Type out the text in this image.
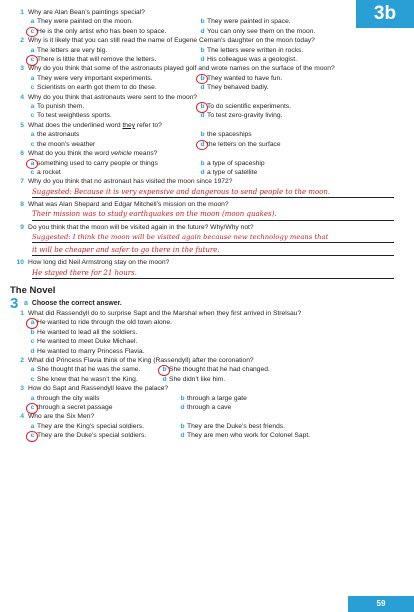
3b
1 Why are Alan Bean’s paintings special?
a They were painted on the moon.	b They were painted in space.
c He is the only artist who has been to space.	d You can only see them on the moon.
2 Why is it likely that you can still read the name of Eugene Cernan’s daughter on the moon today?
a The letters are very big.	b The letters were written in rocks.
c There is little that will remove the letters.	d His colleague was a geologist.
3 Why do you think that some of the astronauts played golf and wrote names on the surface of the moon?
a They were very important experiments.	b They wanted to have fun.
c Scientists on earth got them to do these.	d They behaved badly.
4 Why do you think that astronauts were sent to the moon?
a To punish them.	b To do scientific experiments.
c To test weightless sports.	d To test zero-gravity living.
5 What does the underlined word they refer to?
a the astronauts	b the spaceships
c the moon’s weather	d the letters on the surface
6 What do you think the word vehicle means?
a something used to carry people or things	b a type of spaceship
c a rocket	d a type of satellite
7 Why do you think that no astronaut has visited the moon since 1972?
Suggested: Because it is very expensive and dangerous to send people to the moon.
8 What was Alan Shepard and Edgar Mitchell’s mission on the moon?
Their mission was to study earthquakes on the moon (moon quakes).
9 Do you think that the moon will be visited again in the future? Why/Why not?
Suggested: I think the moon will be visited again because new technology means that
it will be cheaper and safer to go there in the future.
10 How long did Neil Armstrong stay on the moon?
He stayed there for 21 hours.
The Novel
3 a Choose the correct answer.
1 What did Rassendyll do to surprise Sapt and the Marshal when they first arrived in Strelsau?
a He wanted to ride through the old town alone.
b He wanted to lead all the soldiers.
c He wanted to meet Duke Michael.
d He wanted to marry Princess Flavia.
2 What did Princess Flavia think of the King (Rassendyll) after the coronation?
a She thought that he was the same.	b She thought that he had changed.
c She knew that he wasn’t the King.	d She didn’t like him.
3 How do Sapt and Rassendyll leave the palace?
a through the city walls	b through a large gate
c through a secret passage	d through a cave
4 Who are the Six Men?
a They are the King’s special soldiers.	b They are the Duke’s best friends.
c They are the Duke’s special soldiers.	d They are men who work for Colonel Sapt.
59
